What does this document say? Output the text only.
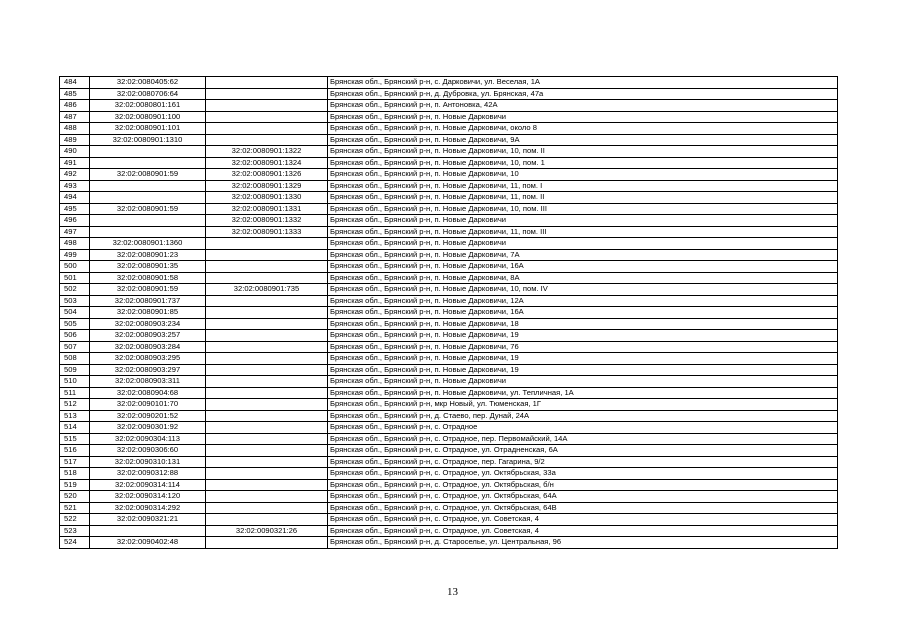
484	32:02:0080405:62		Брянская обл., Брянский р-н, с. Дарковичи, ул. Веселая, 1А
485	32:02:0080706:64		Брянская обл., Брянский р-н, д. Дубровка, ул. Брянская, 47а
486	32:02:0080801:161		Брянская обл., Брянский р-н, п. Антоновка, 42А
487	32:02:0080901:100		Брянская обл., Брянский р-н, п. Новые Дарковичи
488	32:02:0080901:101		Брянская обл., Брянский р-н, п. Новые Дарковичи, около 8
489	32:02:0080901:1310		Брянская обл., Брянский р-н, п. Новые Дарковичи, 9А
490		32:02:0080901:1322	Брянская обл., Брянский р-н, п. Новые Дарковичи, 10, пом. II
491		32:02:0080901:1324	Брянская обл., Брянский р-н, п. Новые Дарковичи, 10, пом. 1
492	32:02:0080901:59	32:02:0080901:1326	Брянская обл., Брянский р-н, п. Новые Дарковичи, 10
493		32:02:0080901:1329	Брянская обл., Брянский р-н, п. Новые Дарковичи, 11, пом. I
494		32:02:0080901:1330	Брянская обл., Брянский р-н, п. Новые Дарковичи, 11, пом. II
495	32:02:0080901:59	32:02:0080901:1331	Брянская обл., Брянский р-н, п. Новые Дарковичи, 10, пом. III
496		32:02:0080901:1332	Брянская обл., Брянский р-н, п. Новые Дарковичи
497		32:02:0080901:1333	Брянская обл., Брянский р-н, п. Новые Дарковичи, 11, пом. III
498	32:02:0080901:1360		Брянская обл., Брянский р-н, п. Новые Дарковичи
499	32:02:0080901:23		Брянская обл., Брянский р-н, п. Новые Дарковичи, 7А
500	32:02:0080901:35		Брянская обл., Брянский р-н, п. Новые Дарковичи, 16А
501	32:02:0080901:58		Брянская обл., Брянский р-н, п. Новые Дарковичи, 8А
502	32:02:0080901:59	32:02:0080901:735	Брянская обл., Брянский р-н, п. Новые Дарковичи, 10, пом. IV
503	32:02:0080901:737		Брянская обл., Брянский р-н, п. Новые Дарковичи, 12А
504	32:02:0080901:85		Брянская обл., Брянский р-н, п. Новые Дарковичи, 16А
505	32:02:0080903:234		Брянская обл., Брянский р-н, п. Новые Дарковичи, 18
506	32:02:0080903:257		Брянская обл., Брянский р-н, п. Новые Дарковичи, 19
507	32:02:0080903:284		Брянская обл., Брянский р-н, п. Новые Дарковичи, 76
508	32:02:0080903:295		Брянская обл., Брянский р-н, п. Новые Дарковичи, 19
509	32:02:0080903:297		Брянская обл., Брянский р-н, п. Новые Дарковичи, 19
510	32:02:0080903:311		Брянская обл., Брянский р-н, п. Новые Дарковичи
511	32:02:0080904:68		Брянская обл., Брянский р-н, п. Новые Дарковичи, ул. Тепличная, 1А
512	32:02:0090101:70		Брянская обл., Брянский р-н, мкр Новый, ул. Тюменская, 1Г
513	32:02:0090201:52		Брянская обл., Брянский р-н, д. Стаево, пер. Дунай, 24А
514	32:02:0090301:92		Брянская обл., Брянский р-н, с. Отрадное
515	32:02:0090304:113		Брянская обл., Брянский р-н, с. Отрадное, пер. Первомайский, 14А
516	32:02:0090306:60		Брянская обл., Брянский р-н, с. Отрадное, ул. Отрадненская, 6А
517	32:02:0090310:131		Брянская обл., Брянский р-н, с. Отрадное, пер. Гагарина, 9/2
518	32:02:0090312:88		Брянская обл., Брянский р-н, с. Отрадное, ул. Октябрьская, 33а
519	32:02:0090314:114		Брянская обл., Брянский р-н, с. Отрадное, ул. Октябрьская, б/н
520	32:02:0090314:120		Брянская обл., Брянский р-н, с. Отрадное, ул. Октябрьская, 64А
521	32:02:0090314:292		Брянская обл., Брянский р-н, с. Отрадное, ул. Октябрьская, 64В
522	32:02:0090321:21		Брянская обл., Брянский р-н, с. Отрадное, ул. Советская, 4
523		32:02:0090321:26	Брянская обл., Брянский р-н, с. Отрадное, ул. Советская, 4
524	32:02:0090402:48		Брянская обл., Брянский р-н, д. Староселье, ул. Центральная, 96
13
